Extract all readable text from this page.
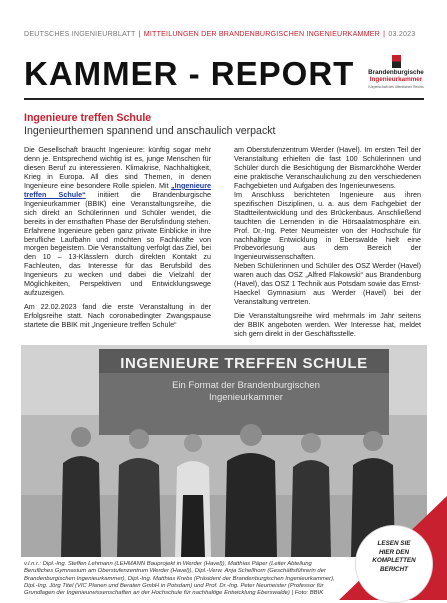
DEUTSCHES INGENIEURBLATT | MITTEILUNGEN DER BRANDENBURGISCHEN INGENIEURKAMMER | 03.2023
KAMMER - REPORT	Brandenburgische
Ingenieurkammer
Körperschaft des öffentlichen Rechts
Ingenieure treffen Schule
Ingenieurthemen spannend und anschaulich verpackt

Die Gesellschaft braucht Ingenieure: künftig sogar mehr denn je. Entsprechend wichtig ist es, junge Menschen für diesen Beruf zu interessieren. Klimakrise, Nachhaltigkeit, Krieg in Europa. All dies sind Themen, in denen Ingenieure eine besondere Rolle spielen. Mit „Ingenieure treffen Schule“ initiiert die Brandenburgische Ingenieurkammer (BBIK) eine Veranstaltungsreihe, die sich direkt an Schülerinnen und Schüler wendet, die bereits in der ernsthaften Phase der Berufsfindung stehen.

Erfahrene Ingenieure geben ganz private Einblicke in ihre berufliche Laufbahn und möchten so Fachkräfte von morgen begeistern. Die Veranstaltung verfolgt das Ziel, bei den 10 – 13-Klässlern durch direkten Kontakt zu Fachleuten, das Interesse für das Berufsbild des Ingenieurs zu wecken und dabei die Vielzahl der Möglichkeiten, Perspektiven und Entwicklungswege aufzuzeigen.

Am 22.02.2023 fand die erste Veranstaltung in der Erfolgsreihe statt. Nach coronabedingter Zwangspause startete die BBIK mit „Ingenieure treffen Schule“

am Oberstufenzentrum Werder (Havel). Im ersten Teil der Veranstaltung erhielten die fast 100 Schülerinnen und Schüler durch die Besichtigung der Bismarckhöhe Werder eine praktische Veranschaulichung zu den verschiedenen Fachgebieten und Aufgaben des Ingenieurwesens.

Im Anschluss berichteten Ingenieure aus ihren spezifischen Disziplinen, u. a. aus dem Fachgebiet der Stadtteilentwicklung und des Brückenbaus. Anschließend tauchten die Lernenden in die Hörsaalatmosphäre ein. Prof. Dr.-Ing. Peter Neumeister von der Hochschule für nachhaltige Entwicklung in Eberswalde hielt eine Probevorlesung aus dem Bereich der Ingenieurwissenschaften.

Neben Schülerinnen und Schüler des OSZ Werder (Havel) waren auch das OSZ „Alfred Flakowski“ aus Brandenburg (Havel), das OSZ 1 Technik aus Potsdam sowie das Ernst-Haeckel Gymnasium aus Werder (Havel) bei der Veranstaltung vertreten.

Die Veranstaltungsreihe wird mehrmals im Jahr seitens der BBIK angeboten werden. Wer Interesse hat, meldet sich gern direkt in der Geschäftsstelle.

INGENIEURE TREFFEN SCHULE
Ein Format der Brandenburgischen
Ingenieurkammer
v.l.n.r.: Dipl.-Ing. Steffen Lehmann (LEHMANN Bauprojekt in Werder (Havel)), Matthias Päper (Leiter Abteilung Berufliches Gymnasium am Oberstufenzentrum Werder (Havel)), Dipl.-Verw. Anja Schellhorn (Geschäftsführerin der Brandenburgischen Ingenieurkammer), Dipl.-Ing. Matthias Krebs (Präsident der Brandenburgischen Ingenieurkammer), Dipl.-Ing. Jörg Titel (VIC Planen und Beraten GmbH in Potsdam) und Prof. Dr.-Ing. Peter Neumeister (Professor für Grundlagen der Ingenieurwissenschaften an der Hochschule für nachhaltige Entwicklung Eberswalde) | Foto: BBIK
LESEN SIE
HIER DEN
KOMPLETTEN
BERICHT
